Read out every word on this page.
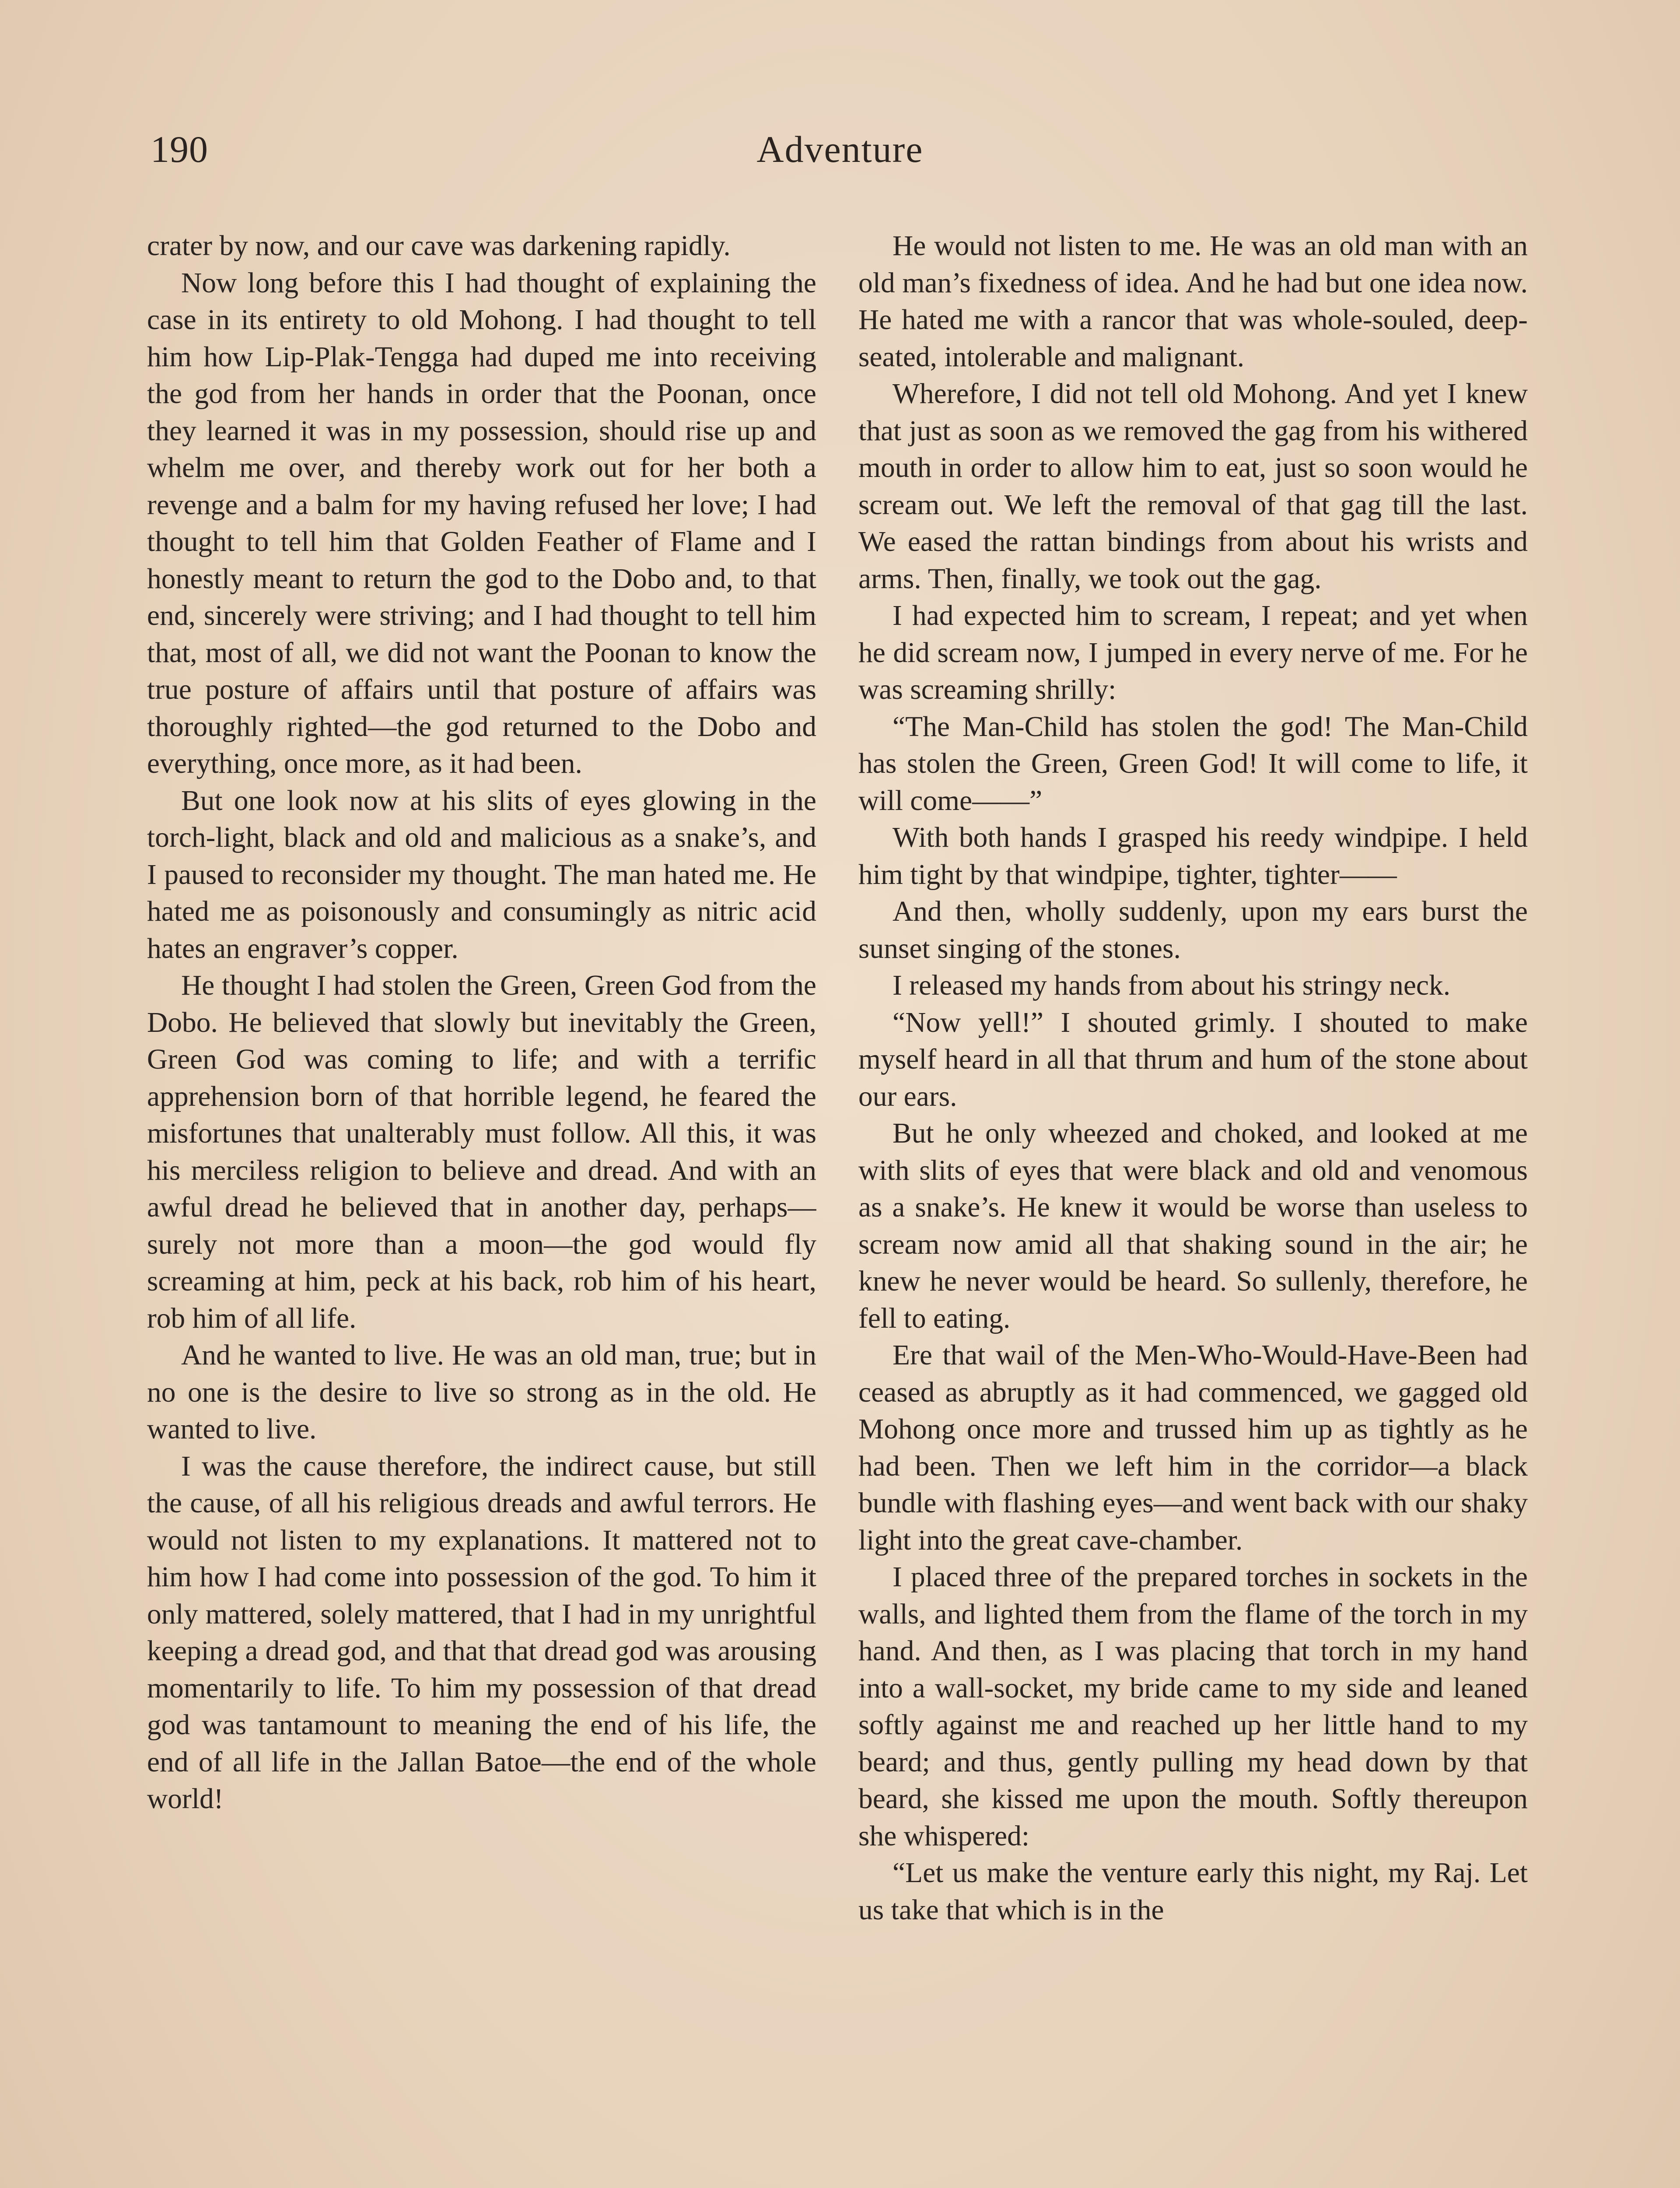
190	Adventure

crater by now, and our cave was darkening rapidly.

Now long before this I had thought of explaining the case in its entirety to old Mohong. I had thought to tell him how Lip-Plak-Tengga had duped me into receiving the god from her hands in order that the Poonan, once they learned it was in my possession, should rise up and whelm me over, and thereby work out for her both a revenge and a balm for my having refused her love; I had thought to tell him that Golden Feather of Flame and I honestly meant to return the god to the Dobo and, to that end, sincerely were striving; and I had thought to tell him that, most of all, we did not want the Poonan to know the true posture of affairs until that posture of affairs was thoroughly righted—the god returned to the Dobo and everything, once more, as it had been.

But one look now at his slits of eyes glowing in the torch-light, black and old and malicious as a snake’s, and I paused to reconsider my thought. The man hated me. He hated me as poisonously and consumingly as nitric acid hates an engraver’s copper.

He thought I had stolen the Green, Green God from the Dobo. He believed that slowly but inevitably the Green, Green God was coming to life; and with a terrific apprehension born of that horrible legend, he feared the misfortunes that unalterably must follow. All this, it was his merciless religion to believe and dread. And with an awful dread he believed that in another day, perhaps—surely not more than a moon—the god would fly screaming at him, peck at his back, rob him of his heart, rob him of all life.

And he wanted to live. He was an old man, true; but in no one is the desire to live so strong as in the old. He wanted to live.

I was the cause therefore, the indirect cause, but still the cause, of all his religious dreads and awful terrors. He would not listen to my explanations. It mattered not to him how I had come into possession of the god. To him it only mattered, solely mattered, that I had in my unrightful keeping a dread god, and that that dread god was arousing momentarily to life. To him my possession of that dread god was tantamount to meaning the end of his life, the end of all life in the Jallan Batoe—the end of the whole world!

He would not listen to me. He was an old man with an old man’s fixedness of idea. And he had but one idea now. He hated me with a rancor that was whole-souled, deep-seated, intolerable and malignant.

Wherefore, I did not tell old Mohong. And yet I knew that just as soon as we removed the gag from his withered mouth in order to allow him to eat, just so soon would he scream out. We left the removal of that gag till the last. We eased the rattan bindings from about his wrists and arms. Then, finally, we took out the gag.

I had expected him to scream, I repeat; and yet when he did scream now, I jumped in every nerve of me. For he was screaming shrilly:

“The Man-Child has stolen the god! The Man-Child has stolen the Green, Green God! It will come to life, it will come——”

With both hands I grasped his reedy windpipe. I held him tight by that windpipe, tighter, tighter——

And then, wholly suddenly, upon my ears burst the sunset singing of the stones.

I released my hands from about his stringy neck.

“Now yell!” I shouted grimly. I shouted to make myself heard in all that thrum and hum of the stone about our ears.

But he only wheezed and choked, and looked at me with slits of eyes that were black and old and venomous as a snake’s. He knew it would be worse than useless to scream now amid all that shaking sound in the air; he knew he never would be heard. So sullenly, therefore, he fell to eating.

Ere that wail of the Men-Who-Would-Have-Been had ceased as abruptly as it had commenced, we gagged old Mohong once more and trussed him up as tightly as he had been. Then we left him in the corridor—a black bundle with flashing eyes—and went back with our shaky light into the great cave-chamber.

I placed three of the prepared torches in sockets in the walls, and lighted them from the flame of the torch in my hand. And then, as I was placing that torch in my hand into a wall-socket, my bride came to my side and leaned softly against me and reached up her little hand to my beard; and thus, gently pulling my head down by that beard, she kissed me upon the mouth. Softly thereupon she whispered:

“Let us make the venture early this night, my Raj. Let us take that which is in the
